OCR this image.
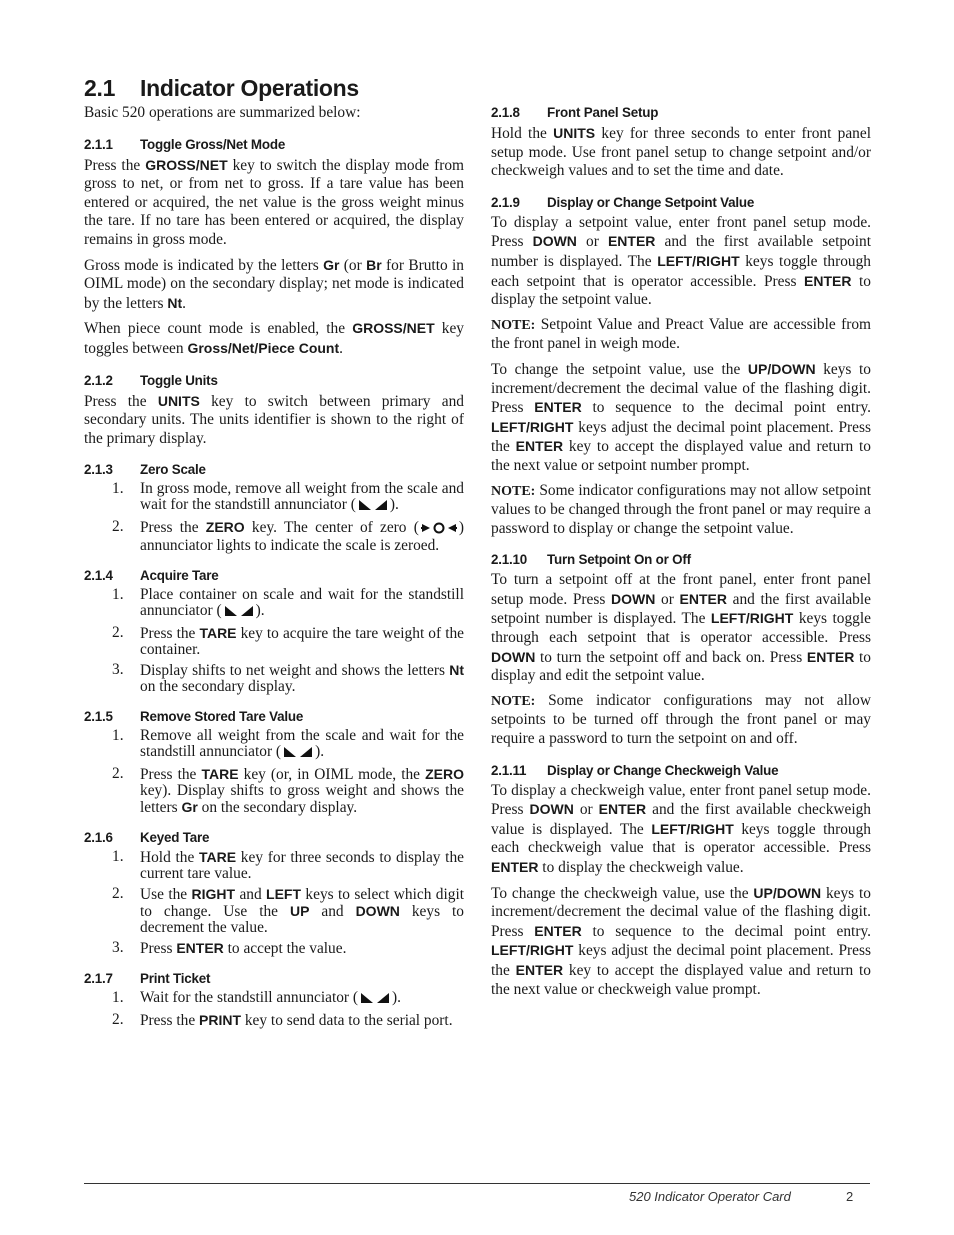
2.1 Indicator Operations

Basic 520 operations are summarized below:

2.1.1 Toggle Gross/Net Mode

Press the GROSS/NET key to switch the display mode from gross to net, or from net to gross. If a tare value has been entered or acquired, the net value is the gross weight minus the tare. If no tare has been entered or acquired, the display remains in gross mode.

Gross mode is indicated by the letters Gr (or Br for Brutto in OIML mode) on the secondary display; net mode is indicated by the letters Nt.

When piece count mode is enabled, the GROSS/NET key toggles between Gross/Net/Piece Count.

2.1.2 Toggle Units

Press the UNITS key to switch between primary and secondary units. The units identifier is shown to the right of the primary display.

2.1.3 Zero Scale
1. In gross mode, remove all weight from the scale and wait for the standstill annunciator ( ).
2. Press the ZERO key. The center of zero (	) annunciator lights to indicate the scale is zeroed.
2.1.4 Acquire Tare
1. Place container on scale and wait for the standstill annunciator ( ).
2. Press the TARE key to acquire the tare weight of the container.
3. Display shifts to net weight and shows the letters Nt on the secondary display.
2.1.5 Remove Stored Tare Value
1. Remove all weight from the scale and wait for the standstill annunciator ( ).
2. Press the TARE key (or, in OIML mode, the ZERO key). Display shifts to gross weight and shows the letters Gr on the secondary display.
2.1.6 Keyed Tare
1. Hold the TARE key for three seconds to display the current tare value.
2. Use the RIGHT and LEFT keys to select which digit to change. Use the UP and DOWN keys to decrement the value.
3. Press ENTER to accept the value.
2.1.7 Print Ticket
1. Wait for the standstill annunciator ( ).
2. Press the PRINT key to send data to the serial port.
2.1.8 Front Panel Setup

Hold the UNITS key for three seconds to enter front panel setup mode. Use front panel setup to change setpoint and/or checkweigh values and to set the time and date.

2.1.9 Display or Change Setpoint Value

To display a setpoint value, enter front panel setup mode. Press DOWN or ENTER and the first available setpoint number is displayed. The LEFT/RIGHT keys toggle through each setpoint that is operator accessible. Press ENTER to display the setpoint value.

NOTE: Setpoint Value and Preact Value are accessible from the front panel in weigh mode.

To change the setpoint value, use the UP/DOWN keys to increment/decrement the decimal value of the flashing digit. Press ENTER to sequence to the decimal point entry. LEFT/RIGHT keys adjust the decimal point placement. Press the ENTER key to accept the displayed value and return to the next value or setpoint number prompt.

NOTE: Some indicator configurations may not allow setpoint values to be changed through the front panel or may require a password to display or change the setpoint value.

2.1.10 Turn Setpoint On or Off

To turn a setpoint off at the front panel, enter front panel setup mode. Press DOWN or ENTER and the first available setpoint number is displayed. The LEFT/RIGHT keys toggle through each setpoint that is operator accessible. Press DOWN to turn the setpoint off and back on. Press ENTER to display and edit the setpoint value.

NOTE: Some indicator configurations may not allow setpoints to be turned off through the front panel or may require a password to turn the setpoint on and off.

2.1.11 Display or Change Checkweigh Value

To display a checkweigh value, enter front panel setup mode. Press DOWN or ENTER and the first available checkweigh value is displayed. The LEFT/RIGHT keys toggle through each checkweigh value that is operator accessible. Press ENTER to display the checkweigh value.

To change the checkweigh value, use the UP/DOWN keys to increment/decrement the decimal value of the flashing digit. Press ENTER to sequence to the decimal point entry. LEFT/RIGHT keys adjust the decimal point placement. Press the ENTER key to accept the displayed value and return to the next value or checkweigh value prompt.

520 Indicator Operator Card	2
